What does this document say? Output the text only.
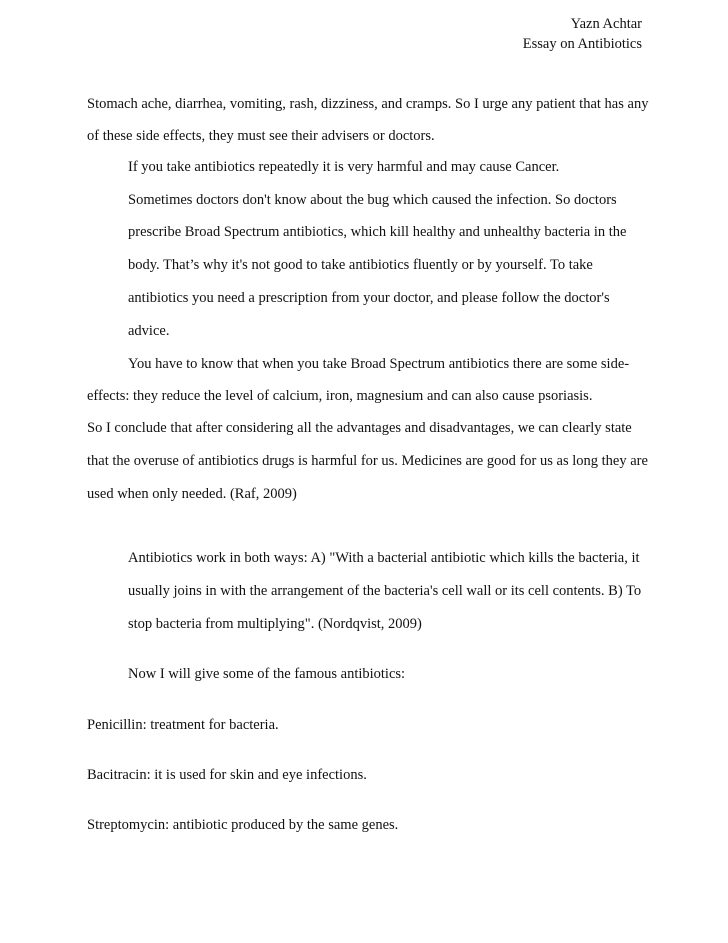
Yazn Achtar
Essay on Antibiotics
Stomach ache, diarrhea, vomiting, rash, dizziness, and cramps. So I urge any patient that has any
of these side effects, they must see their advisers or doctors.
If you take antibiotics repeatedly it is very harmful and may cause Cancer.
Sometimes doctors don't know about the bug which caused the infection. So doctors
prescribe Broad Spectrum antibiotics, which kill healthy and unhealthy bacteria in the
body. That’s why it's not good to take antibiotics fluently or by yourself. To take
antibiotics you need a prescription from your doctor, and please follow the doctor's
advice.
You have to know that when you take Broad Spectrum antibiotics there are some side-
effects: they reduce the level of calcium, iron, magnesium and can also cause psoriasis.
So I conclude that after considering all the advantages and disadvantages, we can clearly state
that the overuse of antibiotics drugs is harmful for us. Medicines are good for us as long they are
used when only needed. (Raf, 2009)
Antibiotics work in both ways: A) "With a bacterial antibiotic which kills the bacteria, it
usually joins in with the arrangement of the bacteria's cell wall or its cell contents. B) To
stop bacteria from multiplying". (Nordqvist, 2009)
Now I will give some of the famous antibiotics:
Penicillin: treatment for bacteria.
Bacitracin: it is used for skin and eye infections.
Streptomycin: antibiotic produced by the same genes.
